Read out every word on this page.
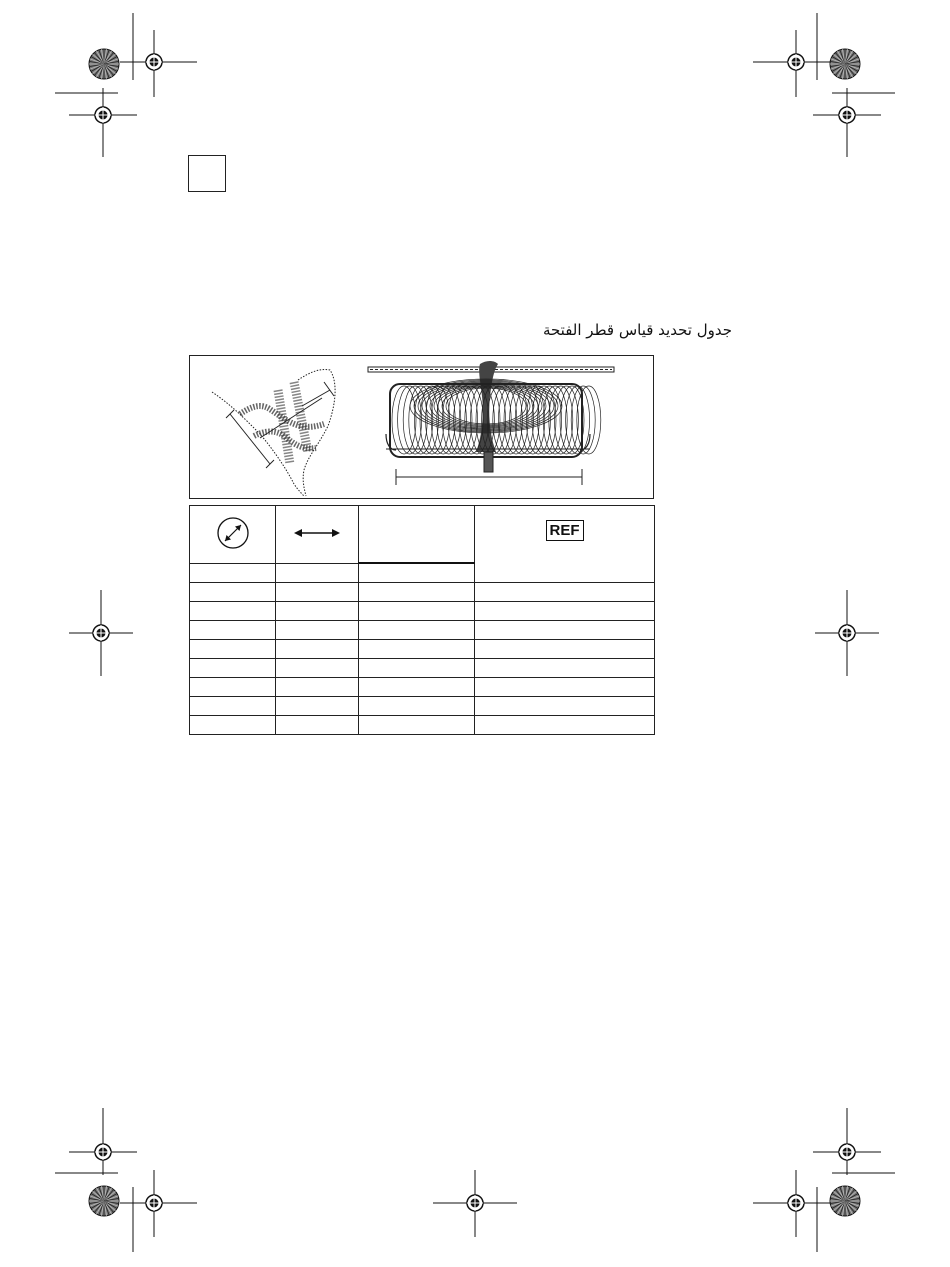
جدول تحديد قياس قطر الفتحة
			REF
